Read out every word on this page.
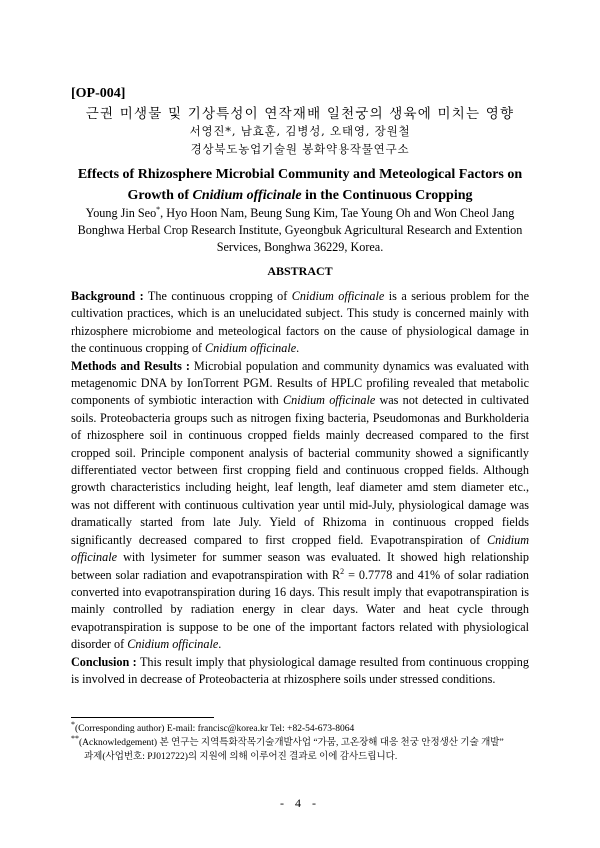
[OP-004]
근권 미생물 및 기상특성이 연작재배 일천궁의 생육에 미치는 영향
서영진*, 남효훈, 김병성, 오태영, 장원철
경상북도농업기술원 봉화약용작물연구소
Effects of Rhizosphere Microbial Community and Meteological Factors on
Growth of Cnidium officinale in the Continuous Cropping
Young Jin Seo*, Hyo Hoon Nam, Beung Sung Kim, Tae Young Oh and Won Cheol Jang
Bonghwa Herbal Crop Research Institute, Gyeongbuk Agricultural Research and Extention Services, Bonghwa 36229, Korea.
ABSTRACT

Background : The continuous cropping of Cnidium officinale is a serious problem for the cultivation practices, which is an unelucidated subject. This study is concerned mainly with rhizosphere microbiome and meteological factors on the cause of physiological damage in the continuous cropping of Cnidium officinale.

Methods and Results : Microbial population and community dynamics was evaluated with metagenomic DNA by IonTorrent PGM. Results of HPLC profiling revealed that metabolic components of symbiotic interaction with Cnidium officinale was not detected in cultivated soils. Proteobacteria groups such as nitrogen fixing bacteria, Pseudomonas and Burkholderia of rhizosphere soil in continuous cropped fields mainly decreased compared to the first cropped soil. Principle component analysis of bacterial community showed a significantly differentiated vector between first cropping field and continuous cropped fields. Although growth characteristics including height, leaf length, leaf diameter amd stem diameter etc., was not different with continuous cultivation year until mid-July, physiological damage was dramatically started from late July. Yield of Rhizoma in continuous cropped fields significantly decreased compared to first cropped field. Evapotranspiration of Cnidium officinale with lysimeter for summer season was evaluated. It showed high relationship between solar radiation and evapotranspiration with $R^2 = 0.7778$ and 41% of solar radiation converted into evapotranspiration during 16 days. This result imply that evapotranspiration is mainly controlled by radiation energy in clear days. Water and heat cycle through evapotranspiration is suppose to be one of the important factors related with physiological disorder of Cnidium officinale.

Conclusion : This result imply that physiological damage resulted from continuous cropping is involved in decrease of Proteobacteria at rhizosphere soils under stressed conditions.

*(Corresponding author) E-mail: francisc@korea.kr Tel: +82-54-673-8064
**(Acknowledgement) 본 연구는 지역특화작목기술개발사업 “가뭄, 고온장해 대응 천궁 안정생산 기술 개발”
과제(사업번호: PJ012722)의 지원에 의해 이루어진 결과로 이에 감사드립니다.
- 4 -
